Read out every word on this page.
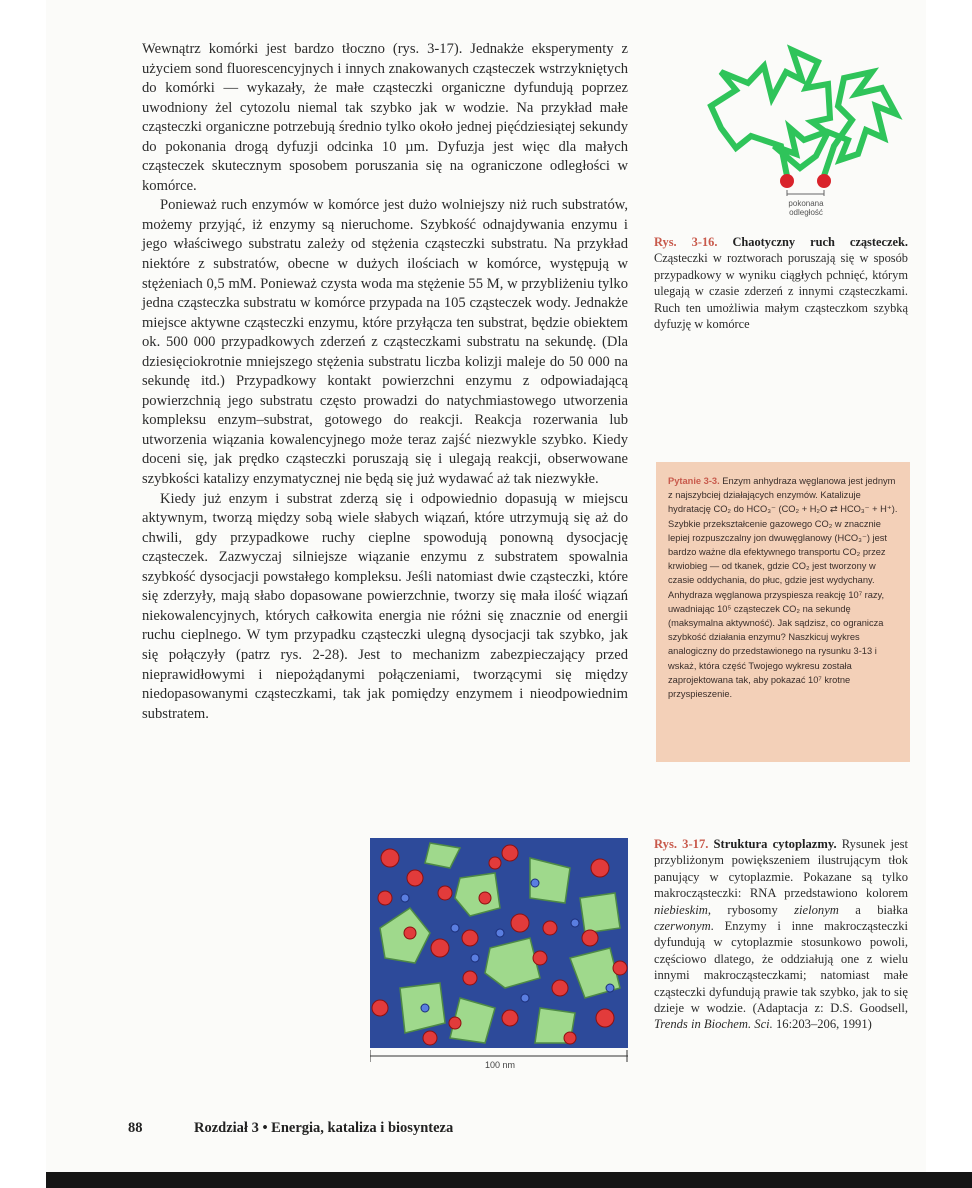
Wewnątrz komórki jest bardzo tłoczno (rys. 3-17). Jednakże eksperymenty z użyciem sond fluorescencyjnych i innych znakowanych cząsteczek wstrzykniętych do komórki — wykazały, że małe cząsteczki organiczne dyfundują poprzez uwodniony żel cytozolu niemal tak szybko jak w wodzie. Na przykład małe cząsteczki organiczne potrzebują średnio tylko około jednej pięćdziesiątej sekundy do pokonania drogą dyfuzji odcinka 10 µm. Dyfuzja jest więc dla małych cząsteczek skutecznym sposobem poruszania się na ograniczone odległości w komórce.

Ponieważ ruch enzymów w komórce jest dużo wolniejszy niż ruch substratów, możemy przyjąć, iż enzymy są nieruchome. Szybkość odnajdywania enzymu i jego właściwego substratu zależy od stężenia cząsteczki substratu. Na przykład niektóre z substratów, obecne w dużych ilościach w komórce, występują w stężeniach 0,5 mM. Ponieważ czysta woda ma stężenie 55 M, w przybliżeniu tylko jedna cząsteczka substratu w komórce przypada na 105 cząsteczek wody. Jednakże miejsce aktywne cząsteczki enzymu, które przyłącza ten substrat, będzie obiektem ok. 500 000 przypadkowych zderzeń z cząsteczkami substratu na sekundę. (Dla dziesięciokrotnie mniejszego stężenia substratu liczba kolizji maleje do 50 000 na sekundę itd.) Przypadkowy kontakt powierzchni enzymu z odpowiadającą powierzchnią jego substratu często prowadzi do natychmiastowego utworzenia kompleksu enzym–substrat, gotowego do reakcji. Reakcja rozerwania lub utworzenia wiązania kowalencyjnego może teraz zajść niezwykle szybko. Kiedy doceni się, jak prędko cząsteczki poruszają się i ulegają reakcji, obserwowane szybkości katalizy enzymatycznej nie będą się już wydawać aż tak niezwykłe.

Kiedy już enzym i substrat zderzą się i odpowiednio dopasują w miejscu aktywnym, tworzą między sobą wiele słabych wiązań, które utrzymują się aż do chwili, gdy przypadkowe ruchy cieplne spowodują ponowną dysocjację cząsteczek. Zazwyczaj silniejsze wiązanie enzymu z substratem spowalnia szybkość dysocjacji powstałego kompleksu. Jeśli natomiast dwie cząsteczki, które się zderzyły, mają słabo dopasowane powierzchnie, tworzy się mała ilość wiązań niekowalencyjnych, których całkowita energia nie różni się znacznie od energii ruchu cieplnego. W tym przypadku cząsteczki ulegną dysocjacji tak szybko, jak się połączyły (patrz rys. 2-28). Jest to mechanizm zabezpieczający przed nieprawidłowymi i niepożądanymi połączeniami, tworzącymi się między niedopasowanymi cząsteczkami, tak jak pomiędzy enzymem i nieodpowiednim substratem.

pokonana
odległość
Rys. 3-16. Chaotyczny ruch cząsteczek. Cząsteczki w roztworach poruszają się w sposób przypadkowy w wyniku ciągłych pchnięć, którym ulegają w czasie zderzeń z innymi cząsteczkami. Ruch ten umożliwia małym cząsteczkom szybką dyfuzję w komórce
Pytanie 3-3. Enzym anhydraza węglanowa jest jednym z najszybciej działających enzymów. Katalizuje hydratację CO₂ do HCO₃⁻ (CO₂ + H₂O ⇄ HCO₃⁻ + H⁺). Szybkie przekształcenie gazowego CO₂ w znacznie lepiej rozpuszczalny jon dwuwęglanowy (HCO₃⁻) jest bardzo ważne dla efektywnego transportu CO₂ przez krwiobieg — od tkanek, gdzie CO₂ jest tworzony w czasie oddychania, do płuc, gdzie jest wydychany. Anhydraza węglanowa przyspiesza reakcję 10⁷ razy, uwadniając 10⁵ cząsteczek CO₂ na sekundę (maksymalna aktywność). Jak sądzisz, co ogranicza szybkość działania enzymu? Naszkicuj wykres analogiczny do przedstawionego na rysunku 3-13 i wskaż, która część Twojego wykresu została zaprojektowana tak, aby pokazać 10⁷ krotne przyspieszenie.
100 nm
Rys. 3-17. Struktura cytoplazmy. Rysunek jest przybliżonym powiększeniem ilustrującym tłok panujący w cytoplazmie. Pokazane są tylko makrocząsteczki: RNA przedstawiono kolorem niebieskim, rybosomy zielonym a białka czerwonym. Enzymy i inne makrocząsteczki dyfundują w cytoplazmie stosunkowo powoli, częściowo dlatego, że oddziałują one z wielu innymi makrocząsteczkami; natomiast małe cząsteczki dyfundują prawie tak szybko, jak to się dzieje w wodzie. (Adaptacja z: D.S. Goodsell, Trends in Biochem. Sci. 16:203–206, 1991)
88	Rozdział 3 • Energia, kataliza i biosynteza
